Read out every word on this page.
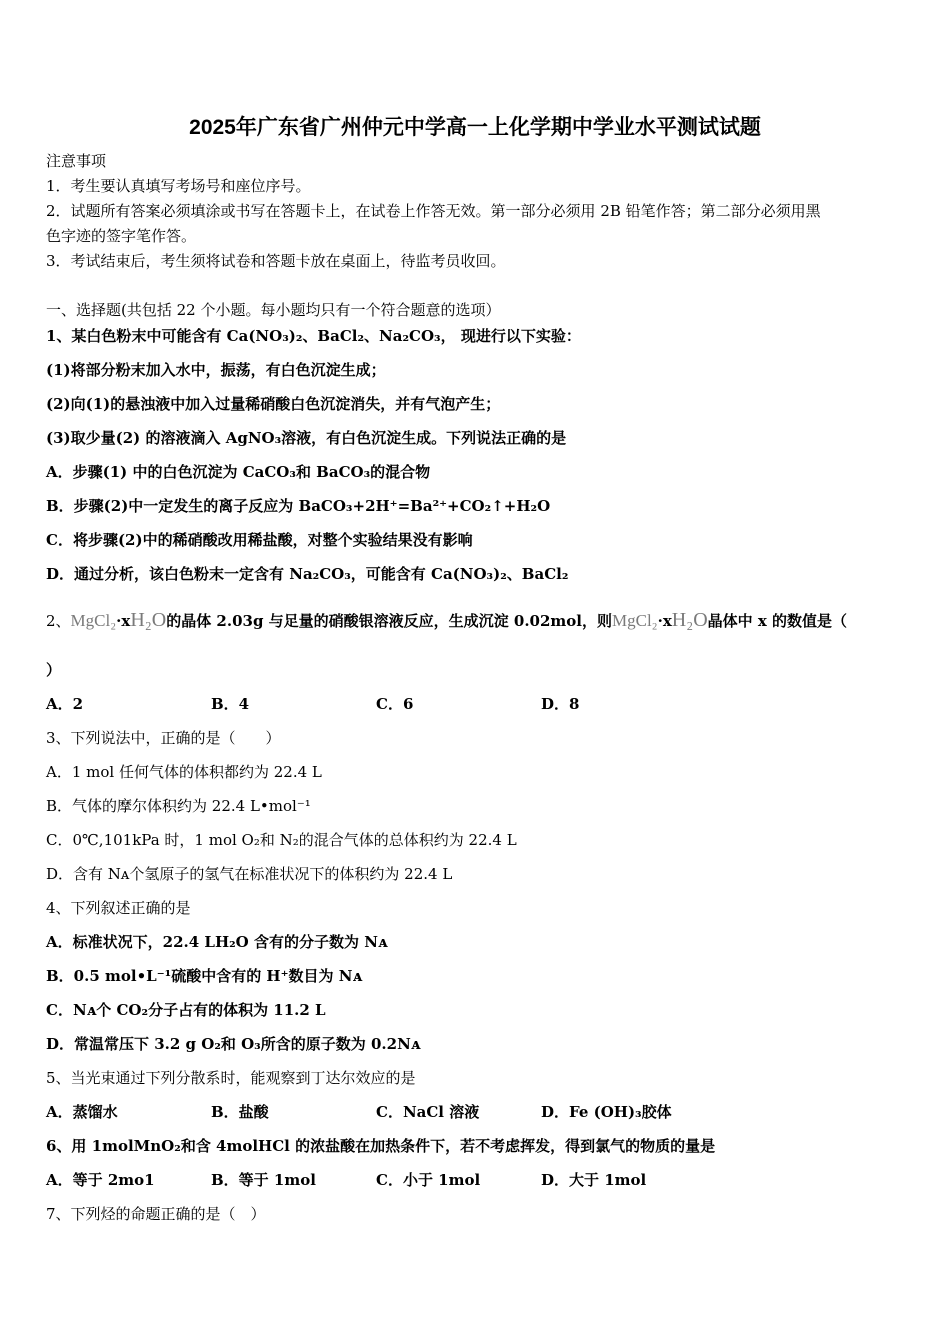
2025年广东省广州仲元中学高一上化学期中学业水平测试试题
注意事项
1．考生要认真填写考场号和座位序号。
2．试题所有答案必须填涂或书写在答题卡上，在试卷上作答无效。第一部分必须用 2B 铅笔作答；第二部分必须用黑
色字迹的签字笔作答。
3．考试结束后，考生须将试卷和答题卡放在桌面上，待监考员收回。
一、选择题(共包括 22 个小题。每小题均只有一个符合题意的选项）
1、某白色粉末中可能含有 Ca(NO₃)₂、BaCl₂、Na₂CO₃， 现进行以下实验：
(1)将部分粉末加入水中，振荡，有白色沉淀生成；
(2)向(1)的悬浊液中加入过量稀硝酸白色沉淀消失，并有气泡产生；
(3)取少量(2) 的溶液滴入 AgNO₃溶液，有白色沉淀生成。下列说法正确的是
A．步骤(1) 中的白色沉淀为 CaCO₃和 BaCO₃的混合物
B．步骤(2)中一定发生的离子反应为 BaCO₃+2H⁺=Ba²⁺+CO₂↑+H₂O
C．将步骤(2)中的稀硝酸改用稀盐酸，对整个实验结果没有影响
D．通过分析，该白色粉末一定含有 Na₂CO₃，可能含有 Ca(NO₃)₂、BaCl₂
2、MgCl₂·xH₂O的晶体 2.03g 与足量的硝酸银溶液反应，生成沉淀 0.02mol，则MgCl₂·xH₂O晶体中 x 的数值是（
）
A．2	B．4	C．6	D．8
3、下列说法中，正确的是（　　）
A．1 mol 任何气体的体积都约为 22.4 L
B．气体的摩尔体积约为 22.4 L•mol⁻¹
C．0℃,101kPa 时，1 mol O₂和 N₂的混合气体的总体积约为 22.4 L
D．含有 Nᴀ个氢原子的氢气在标准状况下的体积约为 22.4 L
4、下列叙述正确的是
A．标准状况下，22.4 LH₂O 含有的分子数为 Nᴀ
B．0.5 mol•L⁻¹硫酸中含有的 H⁺数目为 Nᴀ
C．Nᴀ个 CO₂分子占有的体积为 11.2 L
D．常温常压下 3.2 g O₂和 O₃所含的原子数为 0.2Nᴀ
5、当光束通过下列分散系时，能观察到丁达尔效应的是
A．蒸馏水	B．盐酸	C．NaCl 溶液	D．Fe (OH)₃胶体
6、用 1molMnO₂和含 4molHCl 的浓盐酸在加热条件下，若不考虑挥发，得到氯气的物质的量是
A．等于 2mo1	B．等于 1mol	C．小于 1mol	D．大于 1mol
7、下列烃的命题正确的是（　）
